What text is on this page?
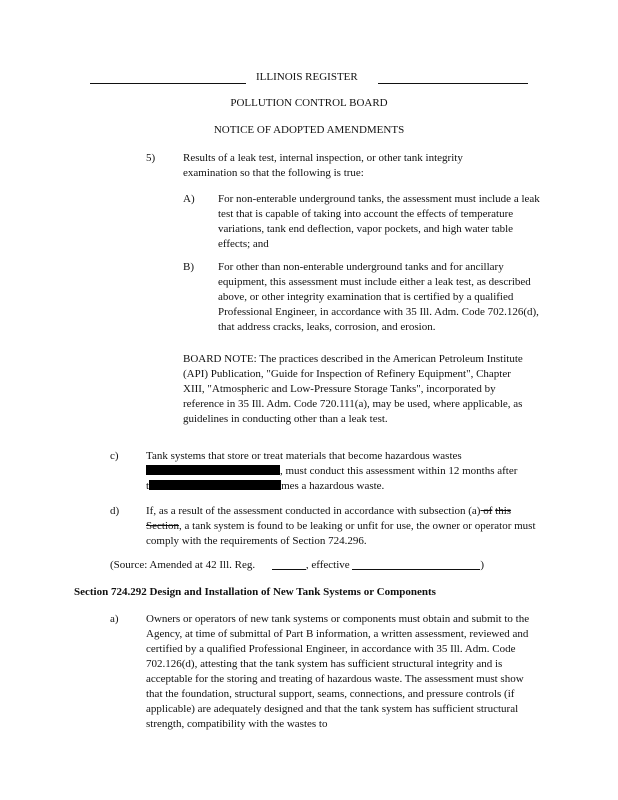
ILLINOIS REGISTER
POLLUTION CONTROL BOARD
NOTICE OF ADOPTED AMENDMENTS
5)	Results of a leak test, internal inspection, or other tank integrity examination so that the following is true:
A) For non-enterable underground tanks, the assessment must include a leak test that is capable of taking into account the effects of temperature variations, tank end deflection, vapor pockets, and high water table effects; and
B) For other than non-enterable underground tanks and for ancillary equipment, this assessment must include either a leak test, as described above, or other integrity examination that is certified by a qualified Professional Engineer, in accordance with 35 Ill. Adm. Code 702.126(d), that address cracks, leaks, corrosion, and erosion.
BOARD NOTE: The practices described in the American Petroleum Institute (API) Publication, "Guide for Inspection of Refinery Equipment", Chapter XIII, "Atmospheric and Low-Pressure Storage Tanks", incorporated by reference in 35 Ill. Adm. Code 720.111(a), may be used, where applicable, as guidelines in conducting other than a leak test.
c) Tank systems that store or treat materials that become hazardous wastes
, must conduct this assessment within 12 months after
t	mes a hazardous waste.
d) If, as a result of the assessment conducted in accordance with subsection (a) of this Section, a tank system is found to be leaking or unfit for use, the owner or operator must comply with the requirements of Section 724.296.
(Source: Amended at 42 Ill. Reg.	, effective	)
Section 724.292 Design and Installation of New Tank Systems or Components
a) Owners or operators of new tank systems or components must obtain and submit to the Agency, at time of submittal of Part B information, a written assessment, reviewed and certified by a qualified Professional Engineer, in accordance with 35 Ill. Adm. Code 702.126(d), attesting that the tank system has sufficient structural integrity and is acceptable for the storing and treating of hazardous waste. The assessment must show that the foundation, structural support, seams, connections, and pressure controls (if applicable) are adequately designed and that the tank system has sufficient structural strength, compatibility with the wastes to
